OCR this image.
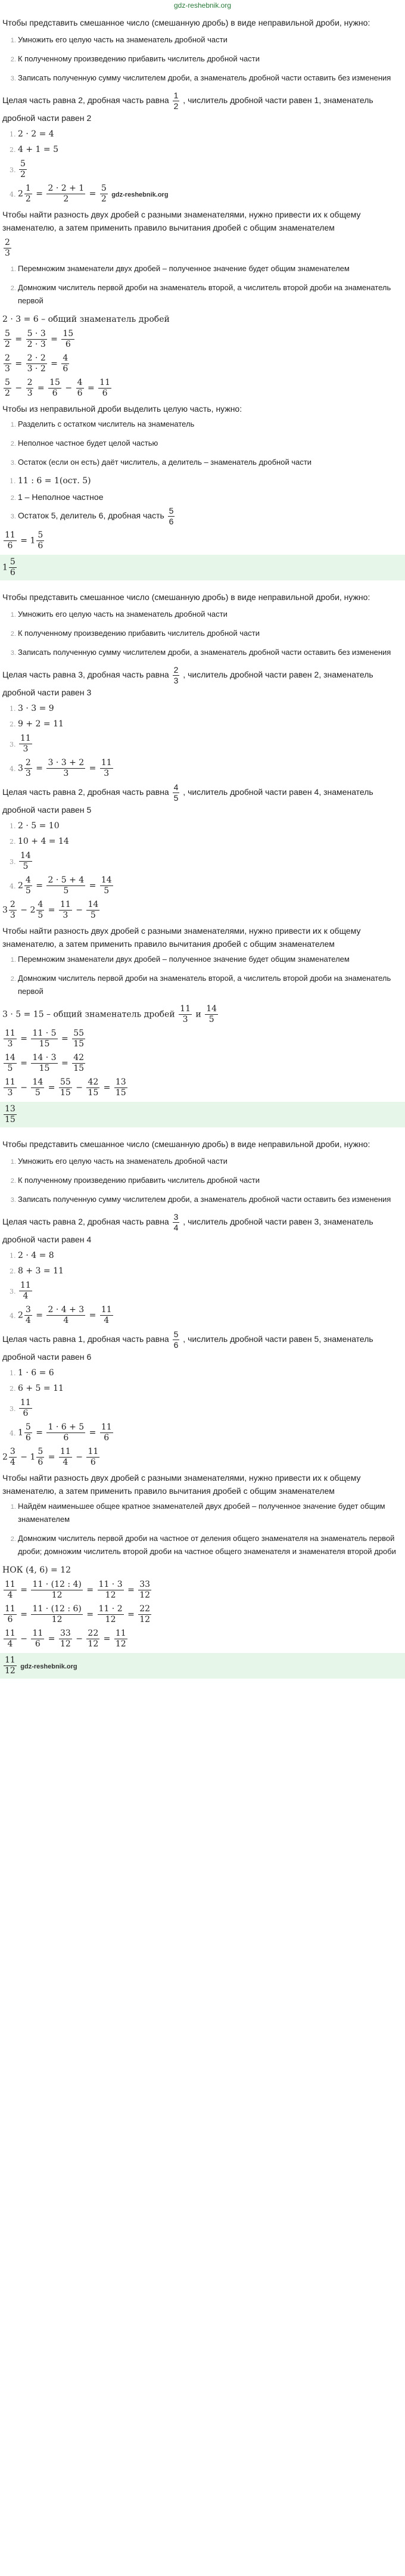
gdz-reshebnik.org
Чтобы представить смешанное число (смешанную дробь) в виде неправильной дроби, нужно:
1. Умножить его целую часть на знаменатель дробной части
2. К полученному произведению прибавить числитель дробной части
3. Записать полученную сумму числителем дроби, а знаменатель дробной части оставить без изменения
Целая часть равна 2, дробная часть равна $\frac{1}{2}$ , числитель дробной части равен 1, знаменатель дробной части равен 2
1. 2 · 2 = 4
2. 4 + 1 = 5
3. $\frac{5}{2}$
4. $2 \frac{1}{2} = \frac{2 \cdot 2 + 1}{2} = \frac{5}{2}$ gdz-reshebnik.org
Чтобы найти разность двух дробей с разными знаменателями, нужно привести их к общему знаменателю, а затем применить правило вычитания дробей с общим знаменателем
$\frac{2}{3}$
1. Перемножим знаменатели двух дробей – полученное значение будет общим знаменателем
2. Домножим числитель первой дроби на знаменатель второй, а числитель второй дроби на знаменатель первой
2 · 3 = 6 – общий знаменатель дробей
$\frac{5}{2} = \frac{5 \cdot 3}{2 \cdot 3} = \frac{15}{6}$
$\frac{2}{3} = \frac{2 \cdot 2}{3 \cdot 2} = \frac{4}{6}$
$\frac{5}{2} - \frac{2}{3} = \frac{15}{6} - \frac{4}{6} = \frac{11}{6}$
Чтобы из неправильной дроби выделить целую часть, нужно:
1. Разделить с остатком числитель на знаменатель
2. Неполное частное будет целой частью
3. Остаток (если он есть) даёт числитель, а делитель – знаменатель дробной части
1. 11 : 6 = 1(ост. 5)
2. 1 – Неполное частное
3. Остаток 5, делитель 6, дробная часть $\frac{5}{6}$
$\frac{11}{6} = 1 \frac{5}{6}$
$1 \frac{5}{6}$
Чтобы представить смешанное число (смешанную дробь) в виде неправильной дроби, нужно:
1. Умножить его целую часть на знаменатель дробной части
2. К полученному произведению прибавить числитель дробной части
3. Записать полученную сумму числителем дроби, а знаменатель дробной части оставить без изменения
Целая часть равна 3, дробная часть равна $\frac{2}{3}$ , числитель дробной части равен 2, знаменатель дробной части равен 3
1. 3 · 3 = 9
2. 9 + 2 = 11
3. $\frac{11}{3}$
4. $3 \frac{2}{3} = \frac{3 \cdot 3 + 2}{3} = \frac{11}{3}$
Целая часть равна 2, дробная часть равна $\frac{4}{5}$ , числитель дробной части равен 4, знаменатель дробной части равен 5
1. 2 · 5 = 10
2. 10 + 4 = 14
3. $\frac{14}{5}$
4. $2 \frac{4}{5} = \frac{2 \cdot 5 + 4}{5} = \frac{14}{5}$
$3 \frac{2}{3} - 2 \frac{4}{5} = \frac{11}{3} - \frac{14}{5}$
Чтобы найти разность двух дробей с разными знаменателями, нужно привести их к общему знаменателю, а затем применить правило вычитания дробей с общим знаменателем
1. Перемножим знаменатели двух дробей – полученное значение будет общим знаменателем
2. Домножим числитель первой дроби на знаменатель второй, а числитель второй дроби на знаменатель первой
3 · 5 = 15 – общий знаменатель дробей $\frac{11}{3}$ и $\frac{14}{5}$
$\frac{11}{3} = \frac{11 \cdot 5}{15} = \frac{55}{15}$
$\frac{14}{5} = \frac{14 \cdot 3}{15} = \frac{42}{15}$
$\frac{11}{3} - \frac{14}{5} = \frac{55}{15} - \frac{42}{15} = \frac{13}{15}$
$\frac{13}{15}$
Чтобы представить смешанное число (смешанную дробь) в виде неправильной дроби, нужно:
1. Умножить его целую часть на знаменатель дробной части
2. К полученному произведению прибавить числитель дробной части
3. Записать полученную сумму числителем дроби, а знаменатель дробной части оставить без изменения
Целая часть равна 2, дробная часть равна $\frac{3}{4}$ , числитель дробной части равен 3, знаменатель дробной части равен 4
1. 2 · 4 = 8
2. 8 + 3 = 11
3. $\frac{11}{4}$
4. $2 \frac{3}{4} = \frac{2 \cdot 4 + 3}{4} = \frac{11}{4}$
Целая часть равна 1, дробная часть равна $\frac{5}{6}$ , числитель дробной части равен 5, знаменатель дробной части равен 6
1. 1 · 6 = 6
2. 6 + 5 = 11
3. $\frac{11}{6}$
4. $1 \frac{5}{6} = \frac{1 \cdot 6 + 5}{6} = \frac{11}{6}$
$2 \frac{3}{4} - 1 \frac{5}{6} = \frac{11}{4} - \frac{11}{6}$
Чтобы найти разность двух дробей с разными знаменателями, нужно привести их к общему знаменателю, а затем применить правило вычитания дробей с общим знаменателем
1. Найдём наименьшее общее кратное знаменателей двух дробей – полученное значение будет общим знаменателем
2. Домножим числитель первой дроби на частное от деления общего знаменателя на знаменатель первой дроби; домножим числитель второй дроби на частное общего знаменателя и знаменателя второй дроби
НОК (4, 6) = 12
$\frac{11}{4} = \frac{11 \cdot (12 : 4)}{12} = \frac{11 \cdot 3}{12} = \frac{33}{12}$
$\frac{11}{6} = \frac{11 \cdot (12 : 6)}{12} = \frac{11 \cdot 2}{12} = \frac{22}{12}$
$\frac{11}{4} - \frac{11}{6} = \frac{33}{12} - \frac{22}{12} = \frac{11}{12}$
$\frac{11}{12}$ gdz-reshebnik.org
